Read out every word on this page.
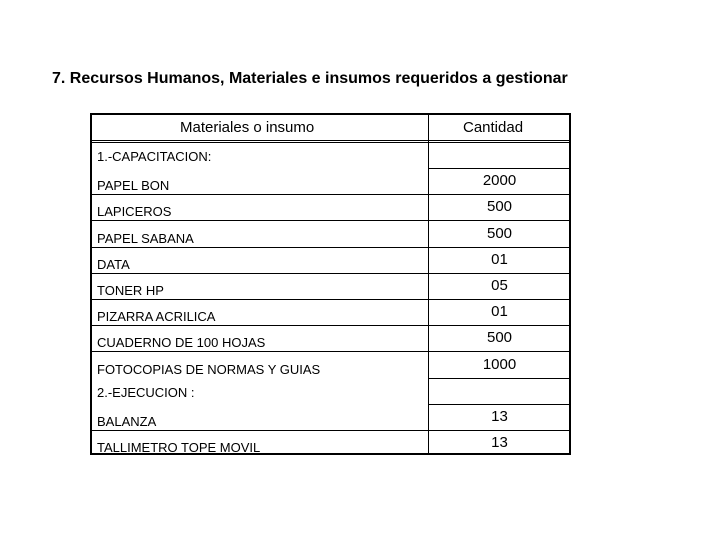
7. Recursos Humanos, Materiales e insumos requeridos a gestionar
Materiales o insumo	Cantidad
1.-CAPACITACION:
PAPEL BON	2000
LAPICEROS	500
PAPEL SABANA	500
DATA	01
TONER HP	05
PIZARRA ACRILICA	01
CUADERNO DE 100 HOJAS	500
FOTOCOPIAS DE NORMAS Y GUIAS	1000
2.-EJECUCION :
BALANZA	13
TALLIMETRO TOPE MOVIL	13
